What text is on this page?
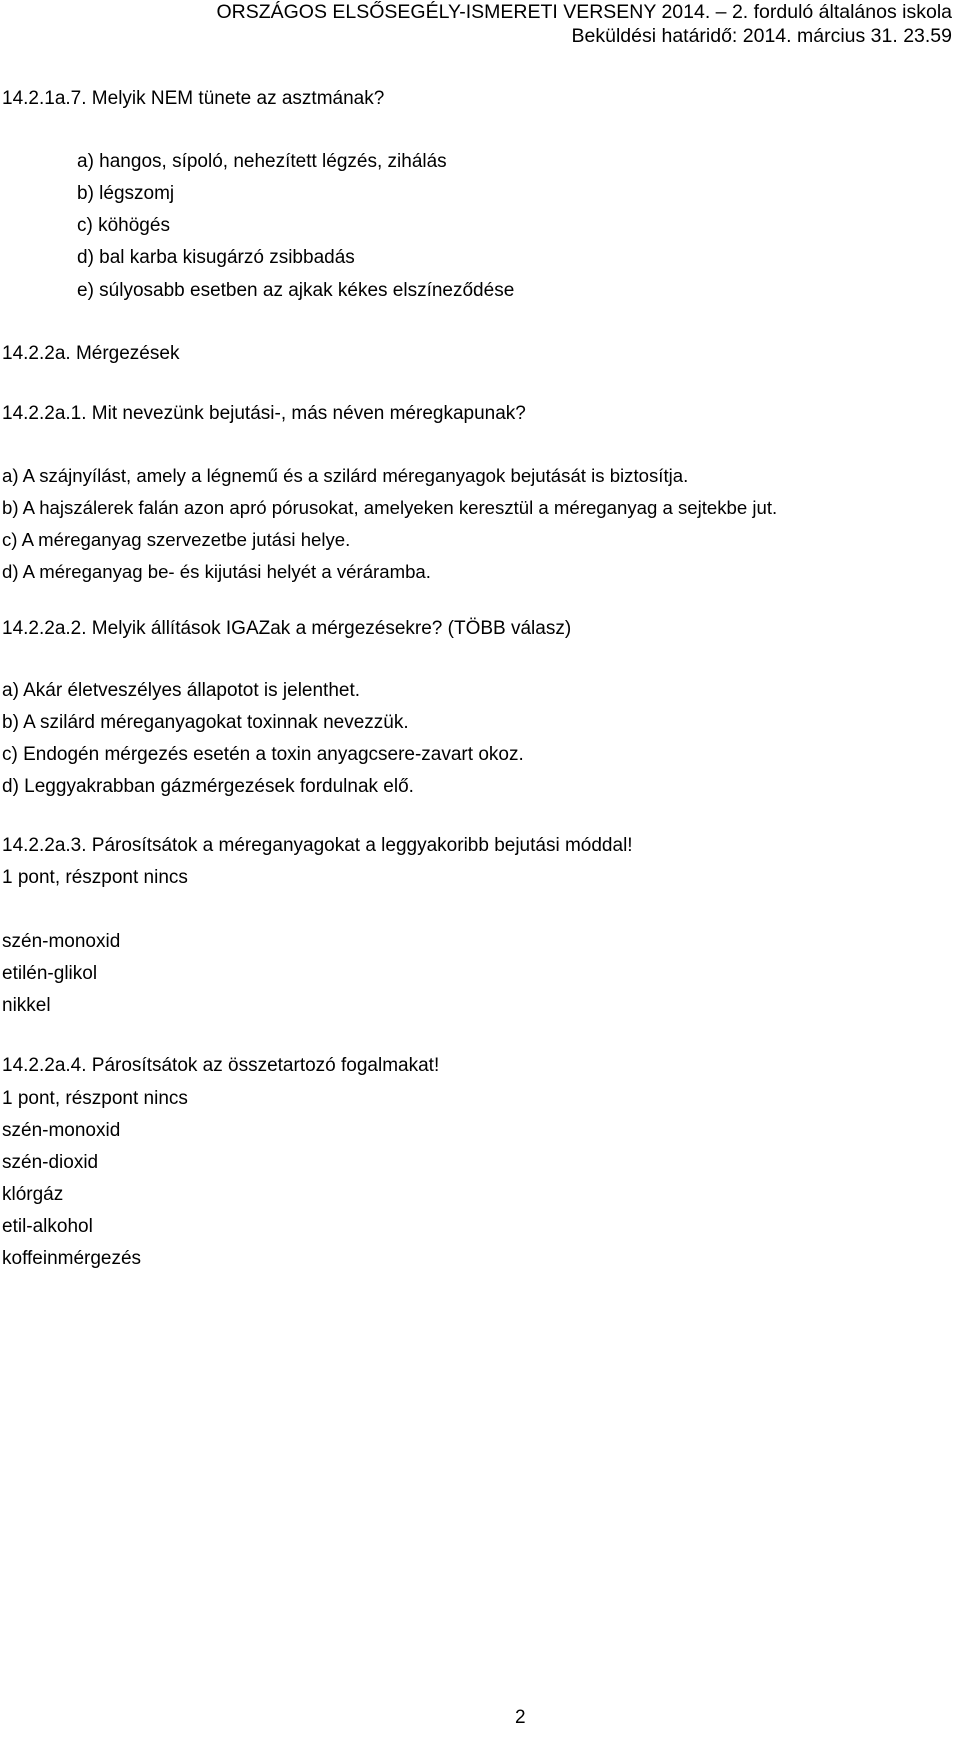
ORSZÁGOS ELSŐSEGÉLY-ISMERETI VERSENY 2014. – 2. forduló általános iskola
Beküldési határidő: 2014. március 31. 23.59
14.2.1a.7. Melyik NEM tünete az asztmának?
a) hangos, sípoló, nehezített légzés, zihálás
b) légszomj
c) köhögés
d) bal karba kisugárzó zsibbadás
e) súlyosabb esetben az ajkak kékes elszíneződése
14.2.2a. Mérgezések
14.2.2a.1. Mit nevezünk bejutási-, más néven méregkapunak?
a) A szájnyílást, amely a légnemű és a szilárd méreganyagok bejutását is biztosítja.
b) A hajszálerek falán azon apró pórusokat, amelyeken keresztül a méreganyag a sejtekbe jut.
c) A méreganyag szervezetbe jutási helye.
d) A méreganyag be- és kijutási helyét a véráramba.
14.2.2a.2. Melyik állítások IGAZak a mérgezésekre? (TÖBB válasz)
a) Akár életveszélyes állapotot is jelenthet.
b) A szilárd méreganyagokat toxinnak nevezzük.
c) Endogén mérgezés esetén a toxin anyagcsere-zavart okoz.
d) Leggyakrabban gázmérgezések fordulnak elő.
14.2.2a.3. Párosítsátok a méreganyagokat a leggyakoribb bejutási móddal!
1 pont, részpont nincs
szén-monoxid
etilén-glikol
nikkel
14.2.2a.4. Párosítsátok az összetartozó fogalmakat!
1 pont, részpont nincs
szén-monoxid
szén-dioxid
klórgáz
etil-alkohol
koffeinmérgezés
2
